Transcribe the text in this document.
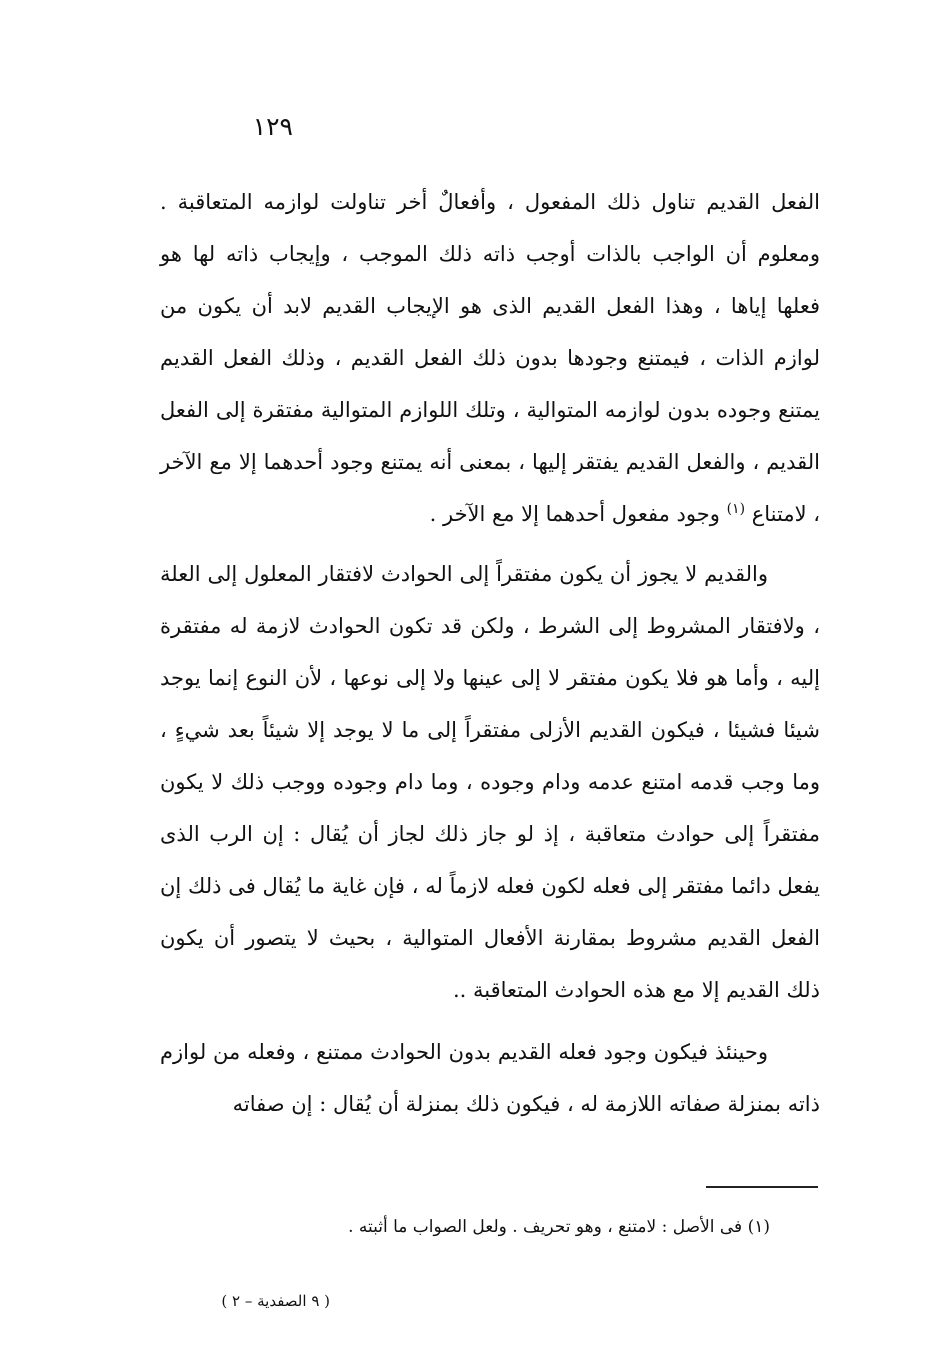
١٢٩

الفعل القديم تناول ذلك المفعول ، وأفعالٌ أخر تناولت لوازمه المتعاقبة . ومعلوم أن الواجب بالذات أوجب ذاته ذلك الموجب ، وإيجاب ذاته لها هو فعلها إياها ، وهذا الفعل القديم الذى هو الإيجاب القديم لابد أن يكون من لوازم الذات ، فيمتنع وجودها بدون ذلك الفعل القديم ، وذلك الفعل القديم يمتنع وجوده بدون لوازمه المتوالية ، وتلك اللوازم المتوالية مفتقرة إلى الفعل القديم ، والفعل القديم يفتقر إليها ، بمعنى أنه يمتنع وجود أحدهما إلا مع الآخر ، لامتناع $^{(١)}$ وجود مفعول أحدهما إلا مع الآخر .

والقديم لا يجوز أن يكون مفتقراً إلى الحوادث لافتقار المعلول إلى العلة ، ولافتقار المشروط إلى الشرط ، ولكن قد تكون الحوادث لازمة له مفتقرة إليه ، وأما هو فلا يكون مفتقر لا إلى عينها ولا إلى نوعها ، لأن النوع إنما يوجد شيئا فشيئا ، فيكون القديم الأزلى مفتقراً إلى ما لا يوجد إلا شيئاً بعد شيءٍ ، وما وجب قدمه امتنع عدمه ودام وجوده ، وما دام وجوده ووجب ذلك لا يكون مفتقراً إلى حوادث متعاقبة ، إذ لو جاز ذلك لجاز أن يُقال : إن الرب الذى يفعل دائما مفتقر إلى فعله لكون فعله لازماً له ، فإن غاية ما يُقال فى ذلك إن الفعل القديم مشروط بمقارنة الأفعال المتوالية ، بحيث لا يتصور أن يكون ذلك القديم إلا مع هذه الحوادث المتعاقبة ..

وحينئذ فيكون وجود فعله القديم بدون الحوادث ممتنع ، وفعله من لوازم ذاته بمنزلة صفاته اللازمة له ، فيكون ذلك بمنزلة أن يُقال : إن صفاته

(١) فى الأصل : لامتنع ، وهو تحريف . ولعل الصواب ما أثبته .
( ٩ الصفدية – ٢ )
